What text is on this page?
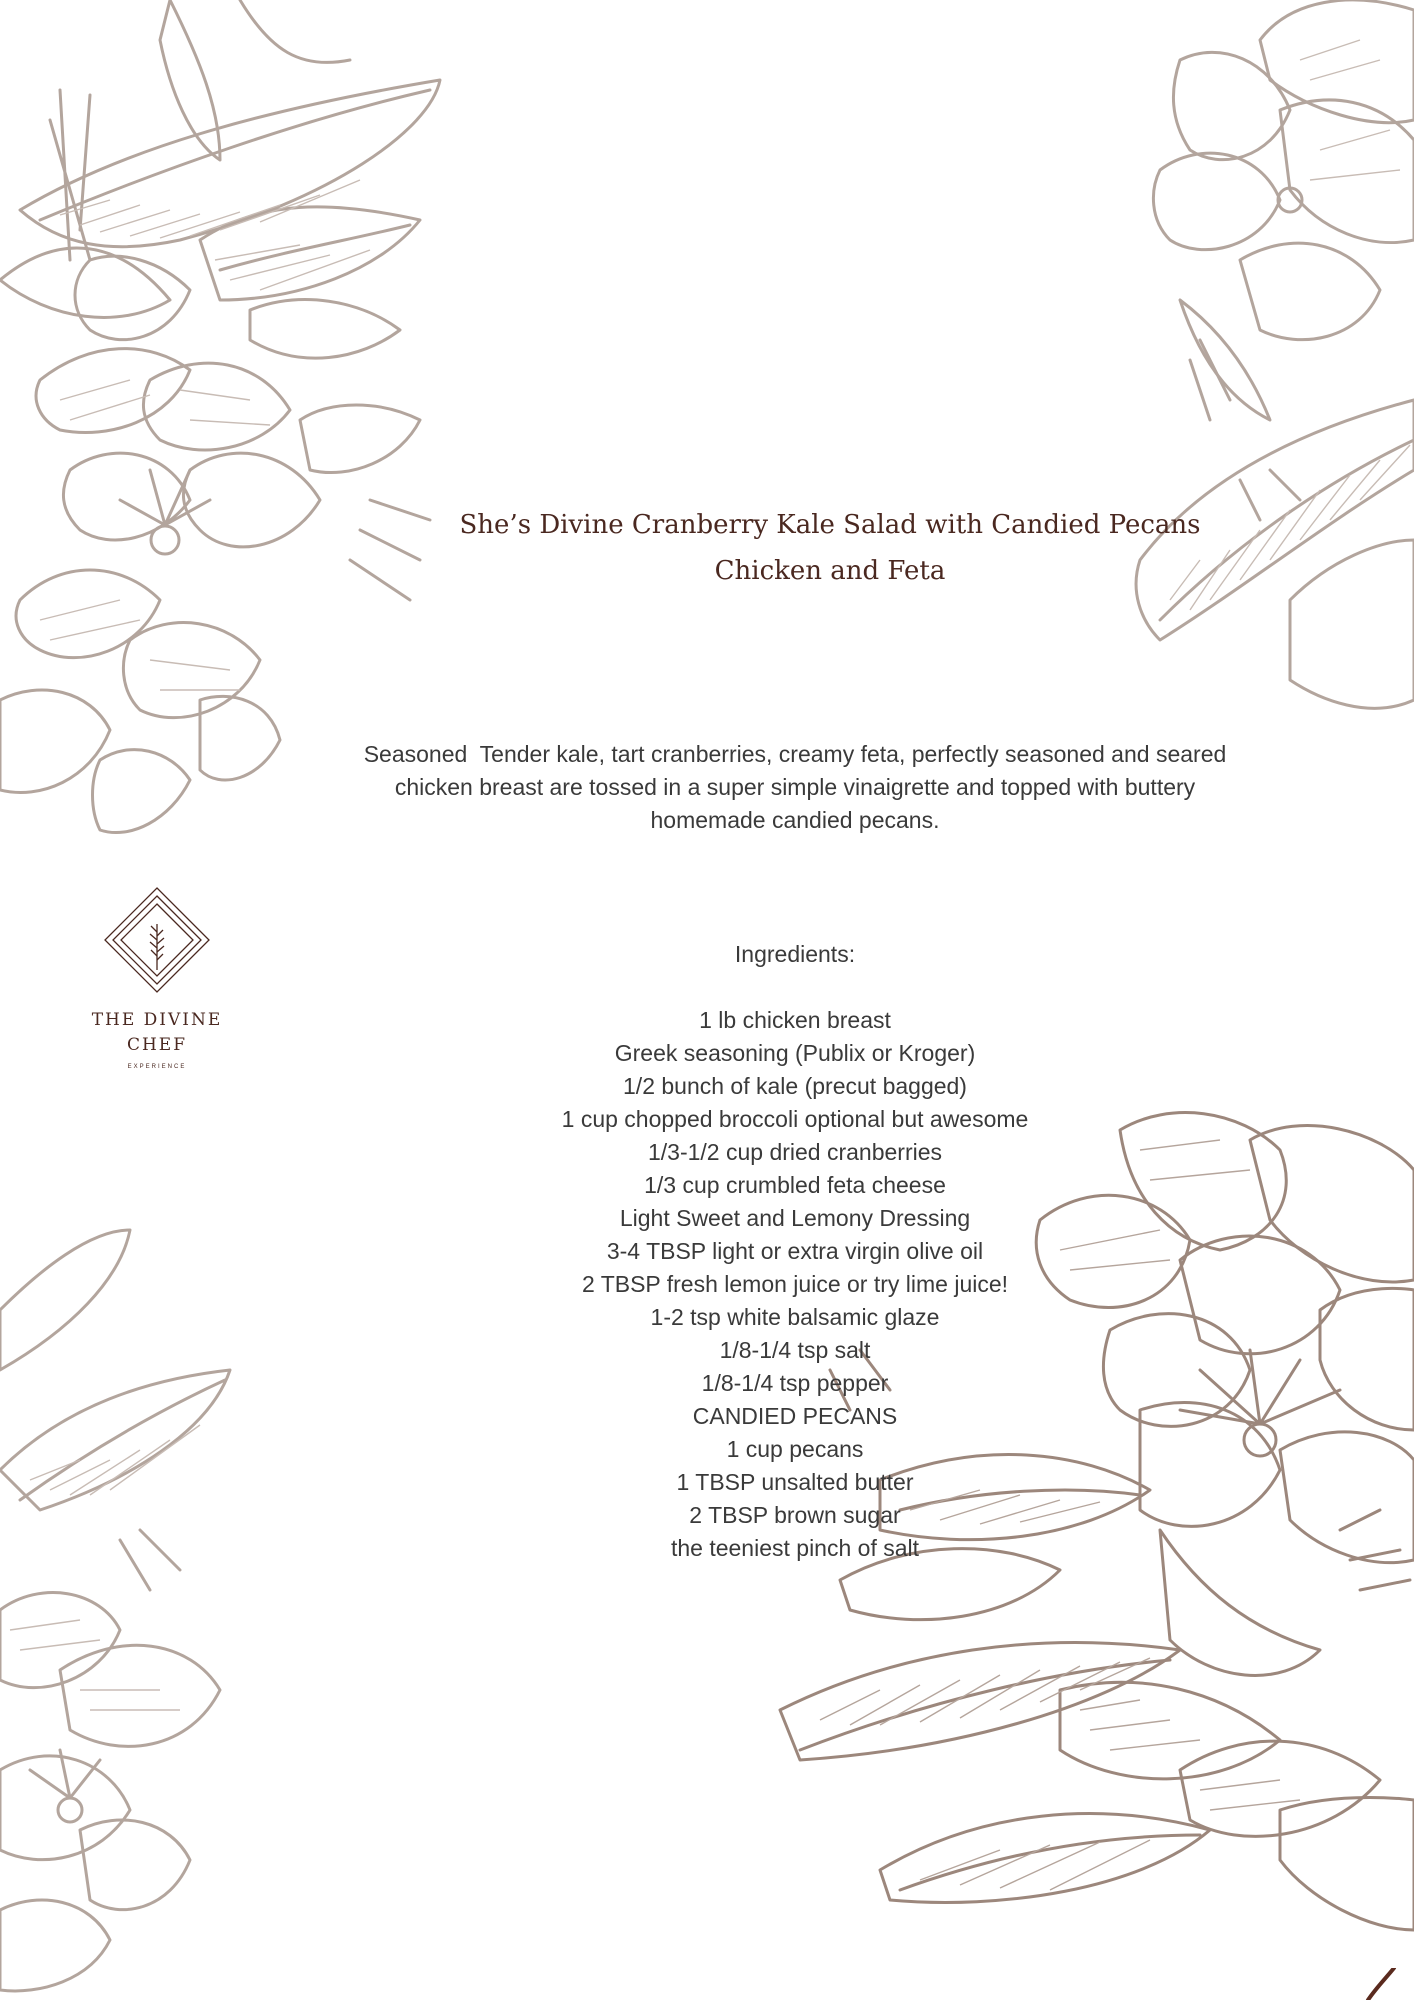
She’s Divine Cranberry Kale Salad with Candied Pecans
Chicken and Feta

Seasoned  Tender kale, tart cranberries, creamy feta, perfectly seasoned and seared
chicken breast are tossed in a super simple vinaigrette and topped with buttery
homemade candied pecans.

Ingredients:
1 lb chicken breast
Greek seasoning (Publix or Kroger)
1/2 bunch of kale (precut bagged)
1 cup chopped broccoli optional but awesome
1/3-1/2 cup dried cranberries
1/3 cup crumbled feta cheese
Light Sweet and Lemony Dressing
3-4 TBSP light or extra virgin olive oil
2 TBSP fresh lemon juice or try lime juice!
1-2 tsp white balsamic glaze
1/8-1/4 tsp salt
1/8-1/4 tsp pepper
CANDIED PECANS
1 cup pecans
1 TBSP unsalted butter
2 TBSP brown sugar
the teeniest pinch of salt
THE DIVINE
CHEF
EXPERIENCE
